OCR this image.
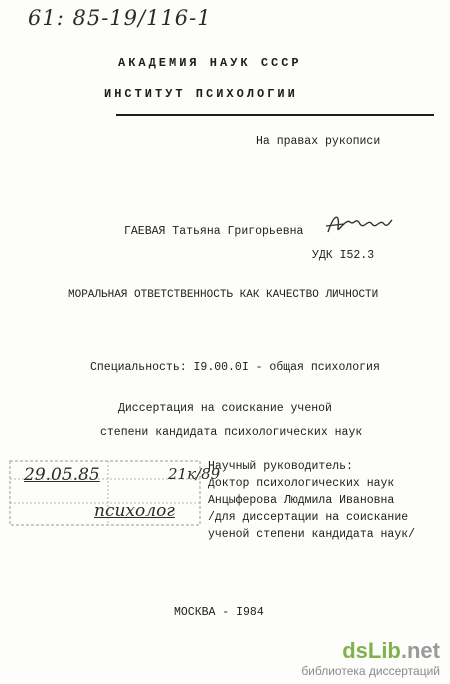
61: 85-19/116-1
АКАДЕМИЯ НАУК СССР
ИНСТИТУТ ПСИХОЛОГИИ
На правах рукописи
ГАЕВАЯ Татьяна Григорьевна
УДК I52.3
МОРАЛЬНАЯ ОТВЕТСТВЕННОСТЬ КАК КАЧЕСТВО ЛИЧНОСТИ
Специальность: I9.00.0I - общая психология
Диссертация на соискание ученой
степени кандидата психологических наук
29.05.85	21к/89
психолог
Научный руководитель:
доктор психологических наук
Анцыферова Людмила Ивановна
/для диссертации на соискание
ученой степени кандидата наук/
МОСКВА - I984
dsLib.net
библиотека диссертаций
